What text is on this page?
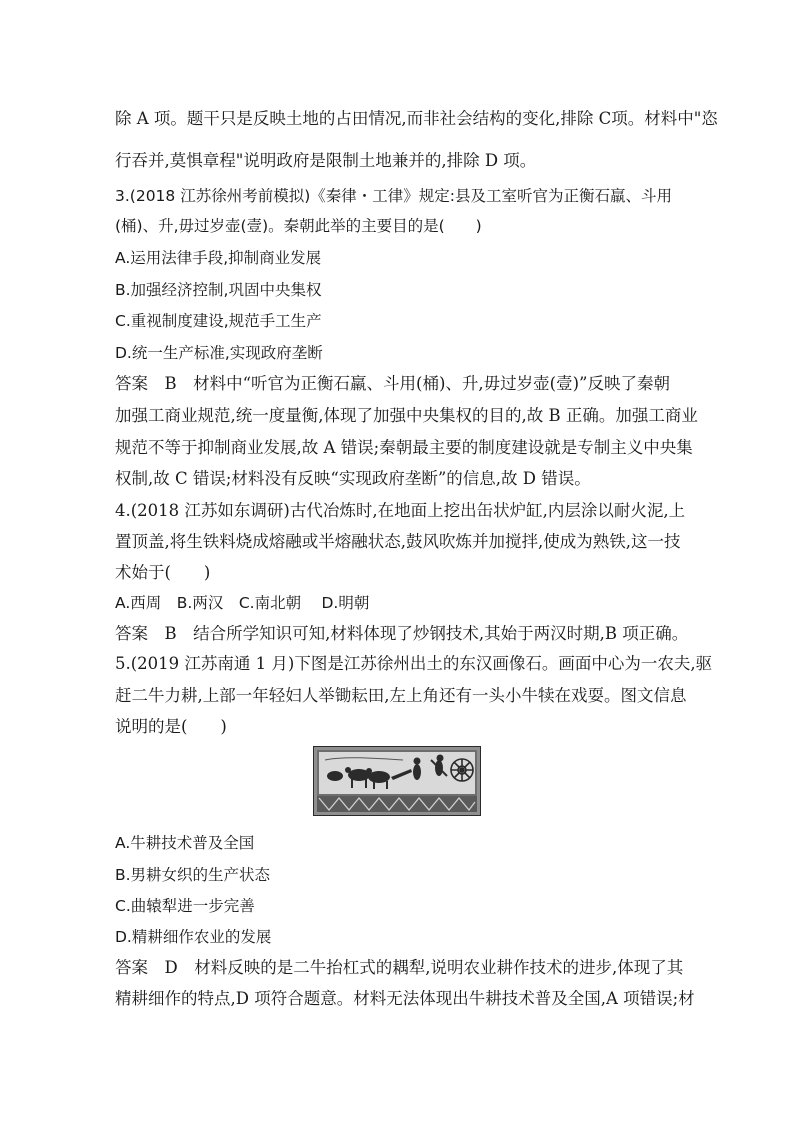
除 A 项。题干只是反映土地的占田情况,而非社会结构的变化,排除 C项。材料中"恣
行吞并,莫惧章程"说明政府是限制土地兼并的,排除 D 项。
3.(2018 江苏徐州考前模拟)《秦律・工律》规定:县及工室听官为正衡石羸、斗用
(桶)、升,毋过岁壶(壹)。秦朝此举的主要目的是(　　)
A.运用法律手段,抑制商业发展
B.加强经济控制,巩固中央集权
C.重视制度建设,规范手工生产
D.统一生产标准,实现政府垄断
答案　B　材料中“听官为正衡石羸、斗用(桶)、升,毋过岁壶(壹)”反映了秦朝
加强工商业规范,统一度量衡,体现了加强中央集权的目的,故 B 正确。加强工商业
规范不等于抑制商业发展,故 A 错误;秦朝最主要的制度建设就是专制主义中央集
权制,故 C 错误;材料没有反映“实现政府垄断”的信息,故 D 错误。
4.(2018 江苏如东调研)古代冶炼时,在地面上挖出缶状炉缸,内层涂以耐火泥,上
置顶盖,将生铁料烧成熔融或半熔融状态,鼓风吹炼并加搅拌,使成为熟铁,这一技
术始于(　　)
A.西周　B.两汉　C.南北朝　 D.明朝
答案　B　结合所学知识可知,材料体现了炒钢技术,其始于两汉时期,B 项正确。
5.(2019 江苏南通 1 月)下图是江苏徐州出土的东汉画像石。画面中心为一农夫,驱
赶二牛力耕,上部一年轻妇人举锄耘田,左上角还有一头小牛犊在戏耍。图文信息
说明的是(　　)
A.牛耕技术普及全国
B.男耕女织的生产状态
C.曲辕犁进一步完善
D.精耕细作农业的发展
答案　D　材料反映的是二牛抬杠式的耦犁,说明农业耕作技术的进步,体现了其
精耕细作的特点,D 项符合题意。材料无法体现出牛耕技术普及全国,A 项错误;材
